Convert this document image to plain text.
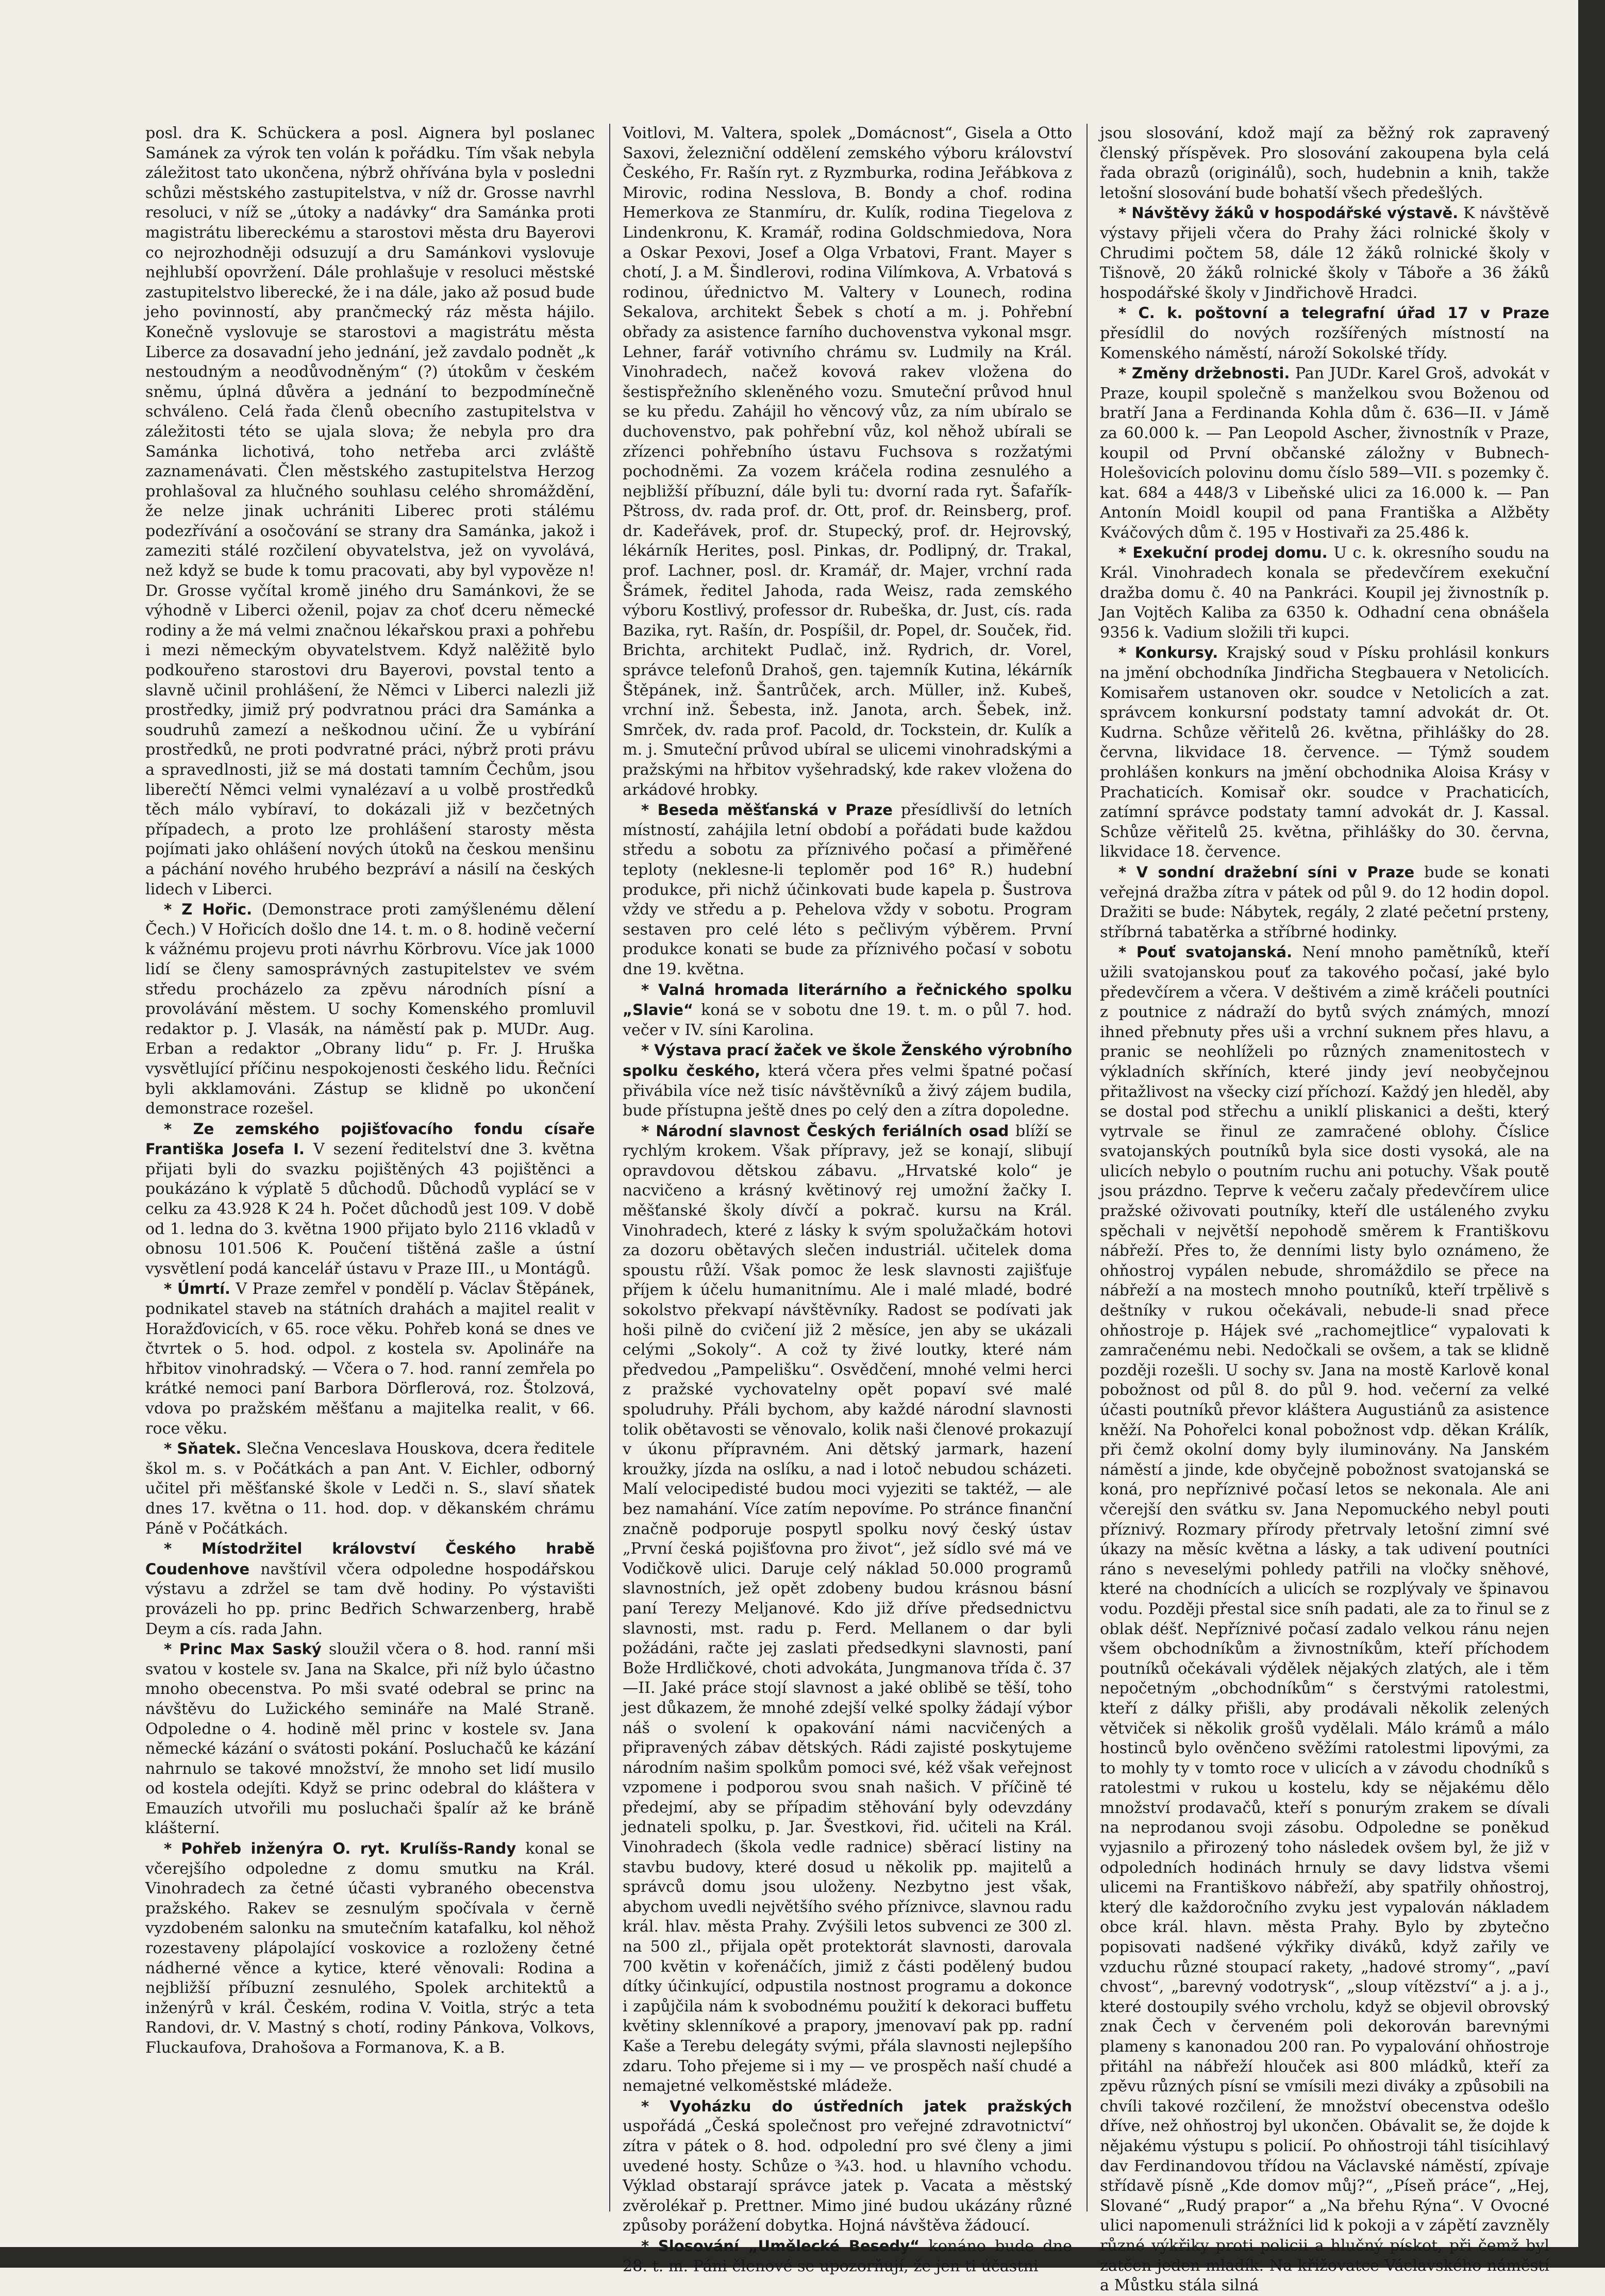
posl. dra K. Schückera a posl. Aignera byl poslanec Samánek za výrok ten volán k pořádku. Tím však nebyla záležitost tato ukončena, nýbrž ohřívána byla v posledni schůzi městského zastupitelstva, v níž dr. Grosse navrhl resoluci, v níž se „útoky a nadávky“ dra Samánka proti magistrátu libereckému a starostovi města dru Bayerovi co nejrozhodněji odsuzují a dru Samánkovi vyslovuje nejhlubší opovržení. Dále prohlašuje v resoluci městské zastupitelstvo liberecké, že i na dále, jako až posud bude jeho povinností, aby prančmecký ráz města hájilo. Konečně vyslovuje se starostovi a magistrátu města Liberce za dosavadní jeho jednání, jež zavdalo podnět „k nestoudným a neodůvodněným“ (?) útokům v českém sněmu, úplná důvěra a jednání to bezpodmínečně schváleno. Celá řada členů obecního zastupitelstva v záležitosti této se ujala slova; že nebyla pro dra Samánka lichotivá, toho netřeba arci zvláště zaznamenávati. Člen městského zastupitelstva Herzog prohlašoval za hlučného souhlasu celého shromáždění, že nelze jinak uchrániti Liberec proti stálému podezřívání a osočování se strany dra Samánka, jakož i zameziti stálé rozčilení obyvatelstva, jež on vyvolává, než když se bude k tomu pracovati, aby byl vypověze n! Dr. Grosse vyčítal kromě jiného dru Samánkovi, že se výhodně v Liberci oženil, pojav za choť dceru německé rodiny a že má velmi značnou lékařskou praxi a pohřebu i mezi německým obyvatelstvem. Když nalěžitě bylo podkouřeno starostovi dru Bayerovi, povstal tento a slavně učinil prohlášení, že Němci v Liberci nalezli již prostředky, jimiž prý podvratnou práci dra Samánka a soudruhů zamezí a neškodnou učiní. Že u vybírání prostředků, ne proti podvratné práci, nýbrž proti právu a spravedlnosti, již se má dostati tamním Čechům, jsou liberečtí Němci velmi vynalézaví a u volbě prostředků těch málo vybíraví, to dokázali již v bezčetných případech, a proto lze prohlášení starosty města pojímati jako ohlášení nových útoků na českou menšinu a páchání nového hrubého bezpráví a násilí na českých lidech v Liberci.

* Z Hořic. (Demonstrace proti zamýšlenému dělení Čech.) V Hořicích došlo dne 14. t. m. o 8. hodině večerní k vážnému projevu proti návrhu Körbrovu. Více jak 1000 lidí se členy samosprávných zastupitelstev ve svém středu procházelo za zpěvu národních písní a provolávání městem. U sochy Komenského promluvil redaktor p. J. Vlasák, na náměstí pak p. MUDr. Aug. Erban a redaktor „Obrany lidu“ p. Fr. J. Hruška vysvětlující příčinu nespokojenosti českého lidu. Řečníci byli akklamováni. Zástup se klidně po ukončení demonstrace rozešel.

* Ze zemského pojišťovacího fondu císaře Františka Josefa I. V sezení ředitelství dne 3. května přijati byli do svazku pojištěných 43 pojištěnci a poukázáno k výplatě 5 důchodů. Důchodů vyplácí se v celku za 43.928 K 24 h. Počet důchodů jest 109. V době od 1. ledna do 3. května 1900 přijato bylo 2116 vkladů v obnosu 101.506 K. Poučení tištěná zašle a ústní vysvětlení podá kancelář ústavu v Praze III., u Montágů.

* Úmrtí. V Praze zemřel v pondělí p. Václav Štěpánek, podnikatel staveb na státních drahách a majitel realit v Horažďovicích, v 65. roce věku. Pohřeb koná se dnes ve čtvrtek o 5. hod. odpol. z kostela sv. Apolináře na hřbitov vinohradský. — Včera o 7. hod. ranní zemřela po krátké nemoci paní Barbora Dörflerová, roz. Štolzová, vdova po pražském měšťanu a majitelka realit, v 66. roce věku.

* Sňatek. Slečna Venceslava Houskova, dcera ředitele škol m. s. v Počátkách a pan Ant. V. Eichler, odborný učitel při měšťanské škole v Ledči n. S., slaví sňatek dnes 17. května o 11. hod. dop. v děkanském chrámu Páně v Počátkách.

* Místodržitel království Českého hrabě Coudenhove navštívil včera odpoledne hospodářskou výstavu a zdržel se tam dvě hodiny. Po výstavišti provázeli ho pp. princ Bedřich Schwarzenberg, hrabě Deym a cís. rada Jahn.

* Princ Max Saský sloužil včera o 8. hod. ranní mši svatou v kostele sv. Jana na Skalce, při níž bylo účastno mnoho obecenstva. Po mši svaté odebral se princ na návštěvu do Lužického semináře na Malé Straně. Odpoledne o 4. hodině měl princ v kostele sv. Jana německé kázání o svátosti pokání. Posluchačů ke kázání nahrnulo se takové množství, že mnoho set lidí musilo od kostela odejíti. Když se princ odebral do kláštera v Emauzích utvořili mu posluchači špalír až ke bráně klášterní.

* Pohřeb inženýra O. ryt. Krulíšs-Randy konal se včerejšího odpoledne z domu smutku na Král. Vinohradech za četné účasti vybraného obecenstva pražského. Rakev se zesnulým spočívala v černě vyzdobeném salonku na smutečním katafalku, kol něhož rozestaveny plápolající voskovice a rozloženy četné nádherné věnce a kytice, které věnovali: Rodina a nejbližší příbuzní zesnulého, Spolek architektů a inženýrů v král. Českém, rodina V. Voitla, strýc a teta Randovi, dr. V. Mastný s chotí, rodiny Pánkova, Volkovs, Fluckaufova, Drahošova a Formanova, K. a B.

Voitlovi, M. Valtera, spolek „Domácnost“, Gisela a Otto Saxovi, železniční oddělení zemského výboru království Českého, Fr. Rašín ryt. z Ryzmburka, rodina Jeřábkova z Mirovic, rodina Nesslova, B. Bondy a chof. rodina Hemerkova ze Stanmíru, dr. Kulík, rodina Tiegelova z Lindenkronu, K. Kramář, rodina Goldschmiedova, Nora a Oskar Pexovi, Josef a Olga Vrbatovi, Frant. Mayer s chotí, J. a M. Šindlerovi, rodina Vilímkova, A. Vrbatová s rodinou, úřednictvo M. Valtery v Lounech, rodina Sekalova, architekt Šebek s chotí a m. j. Pohřební obřady za asistence farního duchovenstva vykonal msgr. Lehner, farář votivního chrámu sv. Ludmily na Král. Vinohradech, načež kovová rakev vložena do šestispřežního skleněného vozu. Smuteční průvod hnul se ku předu. Zahájil ho věncový vůz, za ním ubíralo se duchovenstvo, pak pohřební vůz, kol něhož ubírali se zřízenci pohřebního ústavu Fuchsova s rozžatými pochodněmi. Za vozem kráčela rodina zesnulého a nejbližší příbuzní, dále byli tu: dvorní rada ryt. Šafařík-Pštross, dv. rada prof. dr. Ott, prof. dr. Reinsberg, prof. dr. Kadeřávek, prof. dr. Stupecký, prof. dr. Hejrovský, lékárník Herites, posl. Pinkas, dr. Podlipný, dr. Trakal, prof. Lachner, posl. dr. Kramář, dr. Majer, vrchní rada Šrámek, ředitel Jahoda, rada Weisz, rada zemského výboru Kostlivý, professor dr. Rubeška, dr. Just, cís. rada Bazika, ryt. Rašín, dr. Pospíšil, dr. Popel, dr. Souček, řid. Brichta, architekt Pudlač, inž. Rydrich, dr. Vorel, správce telefonů Drahoš, gen. tajemník Kutina, lékárník Štěpánek, inž. Šantrůček, arch. Müller, inž. Kubeš, vrchní inž. Šebesta, inž. Janota, arch. Šebek, inž. Smrček, dv. rada prof. Pacold, dr. Tockstein, dr. Kulík a m. j. Smuteční průvod ubíral se ulicemi vinohradskými a pražskými na hřbitov vyšehradský, kde rakev vložena do arkádové hrobky.

* Beseda měšťanská v Praze přesídlivší do letních místností, zahájila letní období a pořádati bude každou středu a sobotu za příznivého počasí a přiměřené teploty (neklesne-li teploměr pod 16° R.) hudební produkce, při nichž účinkovati bude kapela p. Šustrova vždy ve středu a p. Pehelova vždy v sobotu. Program sestaven pro celé léto s pečlivým výběrem. První produkce konati se bude za příznivého počasí v sobotu dne 19. května.

* Valná hromada literárního a řečnického spolku „Slavie“ koná se v sobotu dne 19. t. m. o půl 7. hod. večer v IV. síni Karolina.

* Výstava prací žaček ve škole Ženského výrobního spolku českého, která včera přes velmi špatné počasí přivábila více než tisíc návštěvníků a živý zájem budila, bude přístupna ještě dnes po celý den a zítra dopoledne.

* Národní slavnost Českých feriálních osad blíží se rychlým krokem. Však přípravy, jež se konají, slibují opravdovou dětskou zábavu. „Hrvatské kolo“ je nacvičeno a krásný květinový rej umožní žačky I. měšťanské školy dívčí a pokrač. kursu na Král. Vinohradech, které z lásky k svým spolužačkám hotovi za dozoru obětavých slečen industriál. učitelek doma spoustu růží. Však pomoc že lesk slavnosti zajišťuje příjem k účelu humanitnímu. Ale i malé mladé, bodré sokolstvo překvapí návštěvníky. Radost se podívati jak hoši pilně do cvičení již 2 měsíce, jen aby se ukázali celými „Sokoly“. A což ty živé loutky, které nám předvedou „Pampelišku“. Osvědčení, mnohé velmi herci z pražské vychovatelny opět popaví své malé spoludruhy. Přáli bychom, aby každé národní slavnosti tolik obětavosti se věnovalo, kolik naši členové prokazují v úkonu přípravném. Ani dětský jarmark, hazení kroužky, jízda na oslíku, a nad i lotoč nebudou scházeti. Malí velocipedisté budou moci vyjeziti se taktéž, — ale bez namahání. Více zatím nepovíme. Po stránce finanční značně podporuje pospytl spolku nový český ústav „První česká pojišťovna pro život“, jež sídlo své má ve Vodičkově ulici. Daruje celý náklad 50.000 programů slavnostních, jež opět zdobeny budou krásnou básní paní Terezy Meljanové. Kdo již dříve předsednictvu slavnosti, mst. radu p. Ferd. Mellanem o dar byli požádáni, račte jej zaslati předsedkyni slavnosti, paní Bože Hrdličkové, choti advokáta, Jungmanova třída č. 37—II. Jaké práce stojí slavnost a jaké oblibě se těší, toho jest důkazem, že mnohé zdejší velké spolky žádají výbor náš o svolení k opakování námi nacvičených a připravených zábav dětských. Rádi zajisté poskytujeme národním našim spolkům pomoci své, kéž však veřejnost vzpomene i podporou svou snah našich. V příčině té předejmí, aby se případim stěhování byly odevzdány jednateli spolku, p. Jar. Švestkovi, řid. učiteli na Král. Vinohradech (škola vedle radnice) sběrací listiny na stavbu budovy, které dosud u několik pp. majitelů a správců domu jsou uloženy. Nezbytno jest však, abychom uvedli největšího svého příznivce, slavnou radu král. hlav. města Prahy. Zvýšili letos subvenci ze 300 zl. na 500 zl., přijala opět protektorát slavnosti, darovala 700 květin v kořenáčích, jimiž z části podělený budou dítky účinkující, odpustila nostnost programu a dokonce i zapůjčila nám k svobodnému použití k dekoraci buffetu květiny sklenníkové a prapory, jmenovaví pak pp. radní Kaše a Terebu delegáty svými, přála slavnosti nejlepšího zdaru. Toho přejeme si i my — ve prospěch naší chudé a nemajetné velkoměstské mládeže.

* Vyoházku do ústředních jatek pražských uspořádá „Česká společnost pro veřejné zdravotnictví“ zítra v pátek o 8. hod. odpolední pro své členy a jimi uvedené hosty. Schůze o ¾3. hod. u hlavního vchodu. Výklad obstarají správce jatek p. Vacata a městský zvěrolékař p. Prettner. Mimo jiné budou ukázány různé způsoby porážení dobytka. Hojná návštěva žádoucí.

* Slosování „Umělecké Besedy“ konáno bude dne 28. t. m. Páni členové se upozorňují, že jen ti účastni

jsou slosování, kdož mají za běžný rok zapravený členský příspěvek. Pro slosování zakoupena byla celá řada obrazů (originálů), soch, hudebnin a knih, takže letošní slosování bude bohatší všech předešlých.

* Návštěvy žáků v hospodářské výstavě. K návštěvě výstavy přijeli včera do Prahy žáci rolnické školy v Chrudimi počtem 58, dále 12 žáků rolnické školy v Tišnově, 20 žáků rolnické školy v Táboře a 36 žáků hospodářské školy v Jindřichově Hradci.

* C. k. poštovní a telegrafní úřad 17 v Praze přesídlil do nových rozšířených místností na Komenského náměstí, nároží Sokolské třídy.

* Změny držebnosti. Pan JUDr. Karel Groš, advokát v Praze, koupil společně s manželkou svou Boženou od bratří Jana a Ferdinanda Kohla dům č. 636—II. v Jámě za 60.000 k. — Pan Leopold Ascher, živnostník v Praze, koupil od První občanské záložny v Bubnech-Holešovicích polovinu domu číslo 589—VII. s pozemky č. kat. 684 a 448/3 v Libeňské ulici za 16.000 k. — Pan Antonín Moidl koupil od pana Františka a Alžběty Kváčových dům č. 195 v Hostivaři za 25.486 k.

* Exekuční prodej domu. U c. k. okresního soudu na Král. Vinohradech konala se předevčírem exekuční dražba domu č. 40 na Pankráci. Koupil jej živnostník p. Jan Vojtěch Kaliba za 6350 k. Odhadní cena obnášela 9356 k. Vadium složili tři kupci.

* Konkursy. Krajský soud v Písku prohlásil konkurs na jmění obchodníka Jindřicha Stegbauera v Netolicích. Komisařem ustanoven okr. soudce v Netolicích a zat. správcem konkursní podstaty tamní advokát dr. Ot. Kudrna. Schůze věřitelů 26. května, přihlášky do 28. června, likvidace 18. července. — Týmž soudem prohlášen konkurs na jmění obchodnika Aloisa Krásy v Prachaticích. Komisař okr. soudce v Prachaticích, zatímní správce podstaty tamní advokát dr. J. Kassal. Schůze věřitelů 25. května, přihlášky do 30. června, likvidace 18. července.

* V sondní dražební síni v Praze bude se konati veřejná dražba zítra v pátek od půl 9. do 12 hodin dopol. Dražiti se bude: Nábytek, regály, 2 zlaté pečetní prsteny, stříbrná tabatěrka a stříbrné hodinky.

* Pouť svatojanská. Není mnoho pamětníků, kteří užili svatojanskou pouť za takového počasí, jaké bylo předevčírem a včera. V deštivém a zimě kráčeli poutníci z poutnice z nádraží do bytů svých známých, mnozí ihned přebnuty přes uši a vrchní suknem přes hlavu, a pranic se neohlíželi po různých znamenitostech v výkladních skříních, které jindy jeví neobyčejnou přitažlivost na všecky cizí příchozí. Každý jen hleděl, aby se dostal pod střechu a uniklí pliskanici a dešti, který vytrvale se řinul ze zamračené oblohy. Číslice svatojanských poutníků byla sice dosti vysoká, ale na ulicích nebylo o poutním ruchu ani potuchy. Však poutě jsou prázdno. Teprve k večeru začaly předevčírem ulice pražské oživovati poutníky, kteří dle ustáleného zvyku spěchali v největší nepohodě směrem k Františkovu nábřeží. Přes to, že denními listy bylo oznámeno, že ohňostroj vypálen nebude, shromáždilo se přece na nábřeží a na mostech mnoho poutníků, kteří trpělivě s deštníky v rukou očekávali, nebude-li snad přece ohňostroje p. Hájek své „rachomejtlice“ vypalovati k zamračenému nebi. Nedočkali se ovšem, a tak se klidně později rozešli. U sochy sv. Jana na mostě Karlově konal pobožnost od půl 8. do půl 9. hod. večerní za velké účasti poutníků převor kláštera Augustiánů za asistence kněží. Na Pohořelci konal pobožnost vdp. děkan Králík, při čemž okolní domy byly iluminovány. Na Janském náměstí a jinde, kde obyčejně pobožnost svatojanská se koná, pro nepříznivé počasí letos se nekonala. Ale ani včerejší den svátku sv. Jana Nepomuckého nebyl pouti příznivý. Rozmary přírody přetrvaly letošní zimní své úkazy na měsíc května a lásky, a tak udivení poutníci ráno s neveselými pohledy patřili na vločky sněhové, které na chodnících a ulicích se rozplývaly ve špinavou vodu. Později přestal sice sníh padati, ale za to řinul se z oblak déšť. Nepříznivé počasí zadalo velkou ránu nejen všem obchodníkům a živnostníkům, kteří příchodem poutníků očekávali výdělek nějakých zlatých, ale i těm nepočetným „obchodníkům“ s čerstvými ratolestmi, kteří z dálky přišli, aby prodávali několik zelených větviček si několik grošů vydělali. Málo krámů a málo hostinců bylo ověnčeno svěžími ratolestmi lipovými, za to mohly ty v tomto roce v ulicích a v závodu chodníků s ratolestmi v rukou u kostelu, kdy se nějakému dělo množství prodavačů, kteří s ponurým zrakem se dívali na neprodanou svoji zásobu. Odpoledne se poněkud vyjasnilo a přirozený toho následek ovšem byl, že již v odpoledních hodinách hrnuly se davy lidstva všemi ulicemi na Františkovo nábřeží, aby spatřily ohňostroj, který dle každoročního zvyku jest vypalován nákladem obce král. hlavn. města Prahy. Bylo by zbytečno popisovati nadšené výkřiky diváků, když zařily ve vzduchu různé stoupací rakety, „hadové stromy“, „paví chvost“, „barevný vodotrysk“, „sloup vítězství“ a j. a j., které dostoupily svého vrcholu, když se objevil obrovský znak Čech v červeném poli dekorován barevnými plameny s kanonadou 200 ran. Po vypalování ohňostroje přitáhl na nábřeží hlouček asi 800 mládků, kteří za zpěvu různých písní se vmísili mezi diváky a způsobili na chvíli takové rozčilení, že množství obecenstva odešlo dříve, než ohňostroj byl ukončen. Obávalit se, že dojde k nějakému výstupu s policií. Po ohňostroji táhl tisícihlavý dav Ferdinandovou třídou na Václavské náměstí, zpívaje střídavě písně „Kde domov můj?“, „Píseň práce“, „Hej, Slované“ „Rudý prapor“ a „Na břehu Rýna“. V Ovocné ulici napomenuli strážníci lid k pokoji a v zápětí zavzněly různé výkřiky proti policii a hlučný pískot, při čemž byl zatčen jeden mladík. Na křižovatce Václavského náměstí a Můstku stála silná
